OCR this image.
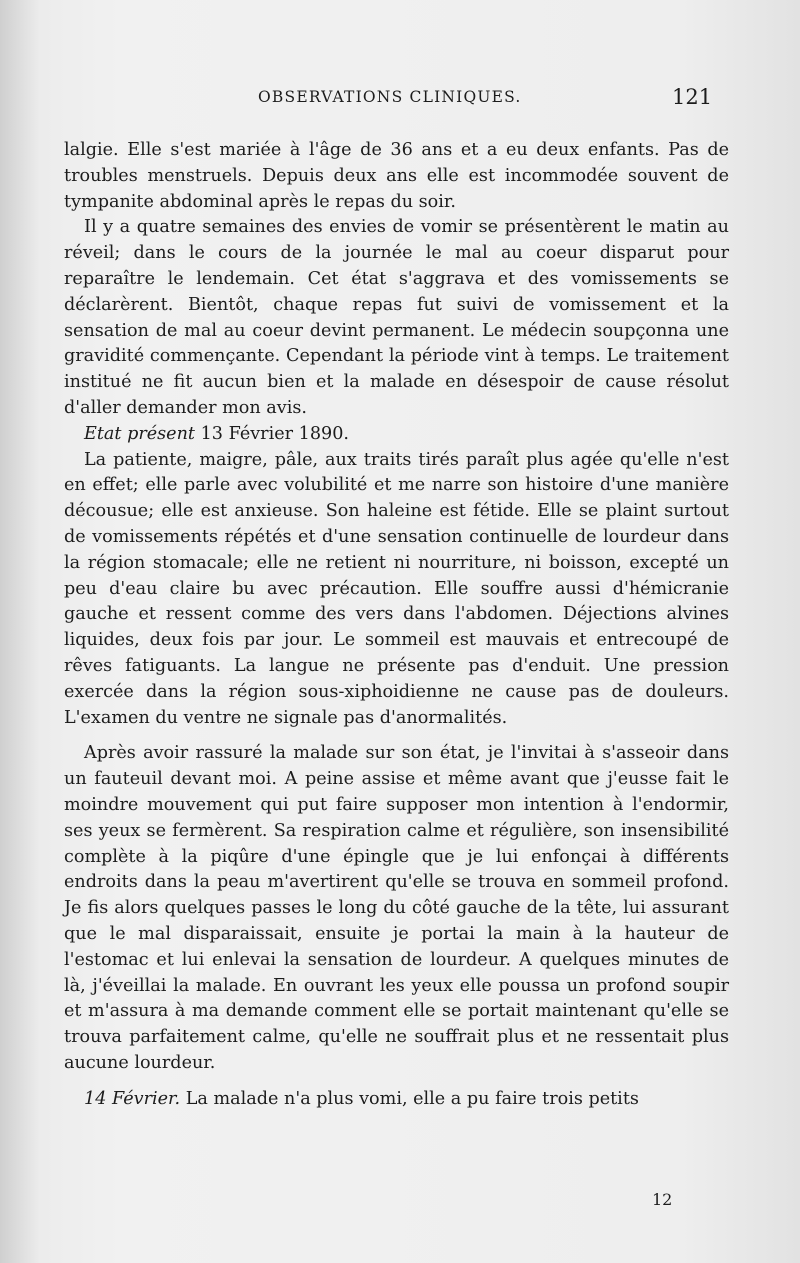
OBSERVATIONS CLINIQUES.	121

lalgie. Elle s'est mariée à l'âge de 36 ans et a eu deux enfants. Pas de troubles menstruels. Depuis deux ans elle est incommodée souvent de tympanite abdominal après le repas du soir.

Il y a quatre semaines des envies de vomir se présentèrent le matin au réveil; dans le cours de la journée le mal au coeur disparut pour reparaître le lendemain. Cet état s'aggrava et des vomissements se déclarèrent. Bientôt, chaque repas fut suivi de vomissement et la sensation de mal au coeur devint permanent. Le médecin soupçonna une gravidité commençante. Cependant la période vint à temps. Le traitement institué ne fit aucun bien et la malade en désespoir de cause résolut d'aller demander mon avis.

Etat présent 13 Février 1890.

La patiente, maigre, pâle, aux traits tirés paraît plus agée qu'elle n'est en effet; elle parle avec volubilité et me narre son histoire d'une manière décousue; elle est anxieuse. Son haleine est fétide. Elle se plaint surtout de vomissements répétés et d'une sensation continuelle de lourdeur dans la région stomacale; elle ne retient ni nourriture, ni boisson, excepté un peu d'eau claire bu avec précaution. Elle souffre aussi d'hémicranie gauche et ressent comme des vers dans l'abdomen. Déjections alvines liquides, deux fois par jour. Le sommeil est mauvais et entrecoupé de rêves fatiguants. La langue ne présente pas d'enduit. Une pression exercée dans la région sous-xiphoidienne ne cause pas de douleurs. L'examen du ventre ne signale pas d'anormalités.

Après avoir rassuré la malade sur son état, je l'invitai à s'asseoir dans un fauteuil devant moi. A peine assise et même avant que j'eusse fait le moindre mouvement qui put faire supposer mon intention à l'endormir, ses yeux se fermèrent. Sa respiration calme et régulière, son insensibilité complète à la piqûre d'une épingle que je lui enfonçai à différents endroits dans la peau m'avertirent qu'elle se trouva en sommeil profond. Je fis alors quelques passes le long du côté gauche de la tête, lui assurant que le mal disparaissait, ensuite je portai la main à la hauteur de l'estomac et lui enlevai la sensation de lourdeur. A quelques minutes de là, j'éveillai la malade. En ouvrant les yeux elle poussa un profond soupir et m'assura à ma demande comment elle se portait maintenant qu'elle se trouva parfaitement calme, qu'elle ne souffrait plus et ne ressentait plus aucune lourdeur.

14 Février. La malade n'a plus vomi, elle a pu faire trois petits

12
